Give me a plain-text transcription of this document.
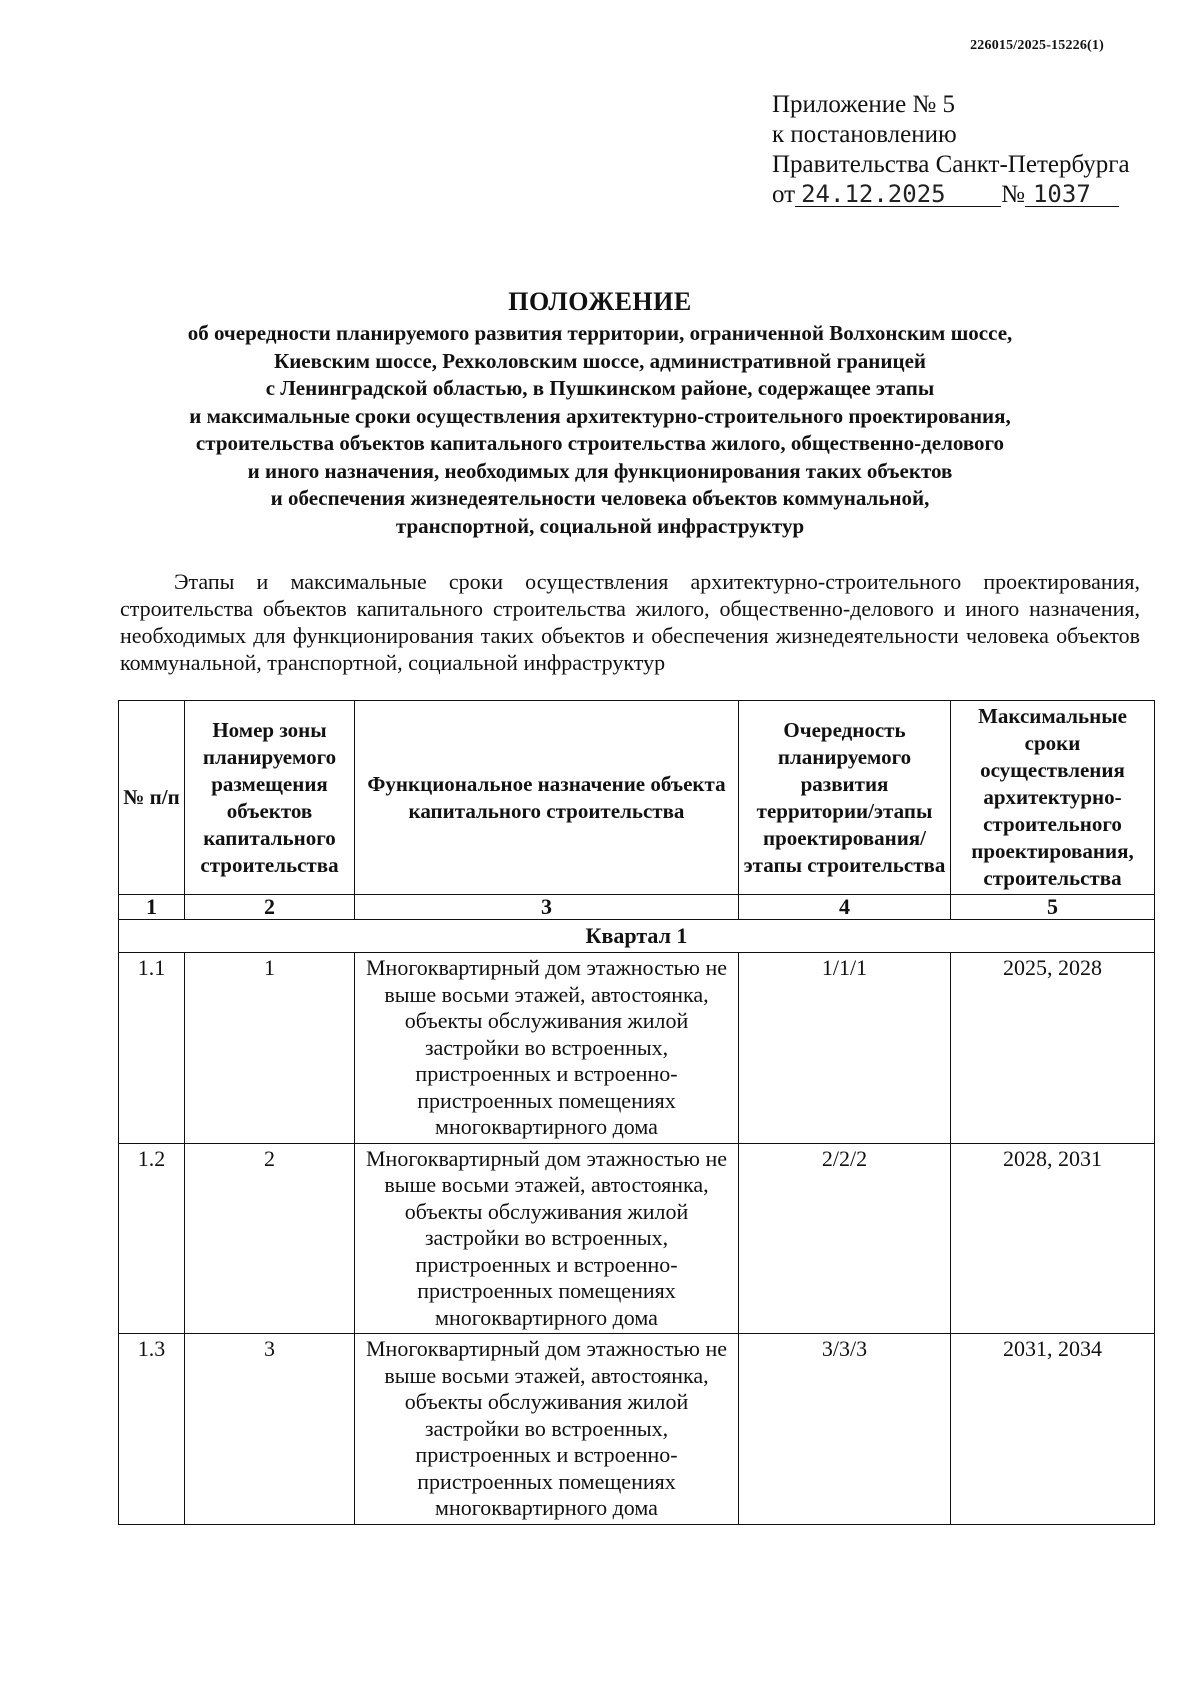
226015/2025-15226(1)
Приложение № 5
к постановлению
Правительства Санкт-Петербурга
от 24.12.2025 № 1037
ПОЛОЖЕНИЕ
об очередности планируемого развития территории, ограниченной Волхонским шоссе,
Киевским шоссе, Рехколовским шоссе, административной границей
с Ленинградской областью, в Пушкинском районе, содержащее этапы
и максимальные сроки осуществления архитектурно-строительного проектирования,
строительства объектов капитального строительства жилого, общественно-делового
и иного назначения, необходимых для функционирования таких объектов
и обеспечения жизнедеятельности человека объектов коммунальной,
транспортной, социальной инфраструктур
Этапы и максимальные сроки осуществления архитектурно-строительного проектирования, строительства объектов капитального строительства жилого, общественно-делового и иного назначения, необходимых для функционирования таких объектов и обеспечения жизнедеятельности человека объектов коммунальной, транспортной, социальной инфраструктур
№ п/п	Номер зоны планируемого размещения объектов капитального строительства	Функциональное назначение объекта капитального строительства	Очередность планируемого развития территории/этапы проектирования/ этапы строительства	Максимальные сроки осуществления архитектурно-строительного проектирования, строительства
1	2	3	4	5
Квартал 1				
1.1	1	Многоквартирный дом этажностью не выше восьми этажей, автостоянка, объекты обслуживания жилой застройки во встроенных, пристроенных и встроенно-пристроенных помещениях многоквартирного дома	1/1/1	2025, 2028
1.2	2	Многоквартирный дом этажностью не выше восьми этажей, автостоянка, объекты обслуживания жилой застройки во встроенных, пристроенных и встроенно-пристроенных помещениях многоквартирного дома	2/2/2	2028, 2031
1.3	3	Многоквартирный дом этажностью не выше восьми этажей, автостоянка, объекты обслуживания жилой застройки во встроенных, пристроенных и встроенно-пристроенных помещениях многоквартирного дома	3/3/3	2031, 2034
